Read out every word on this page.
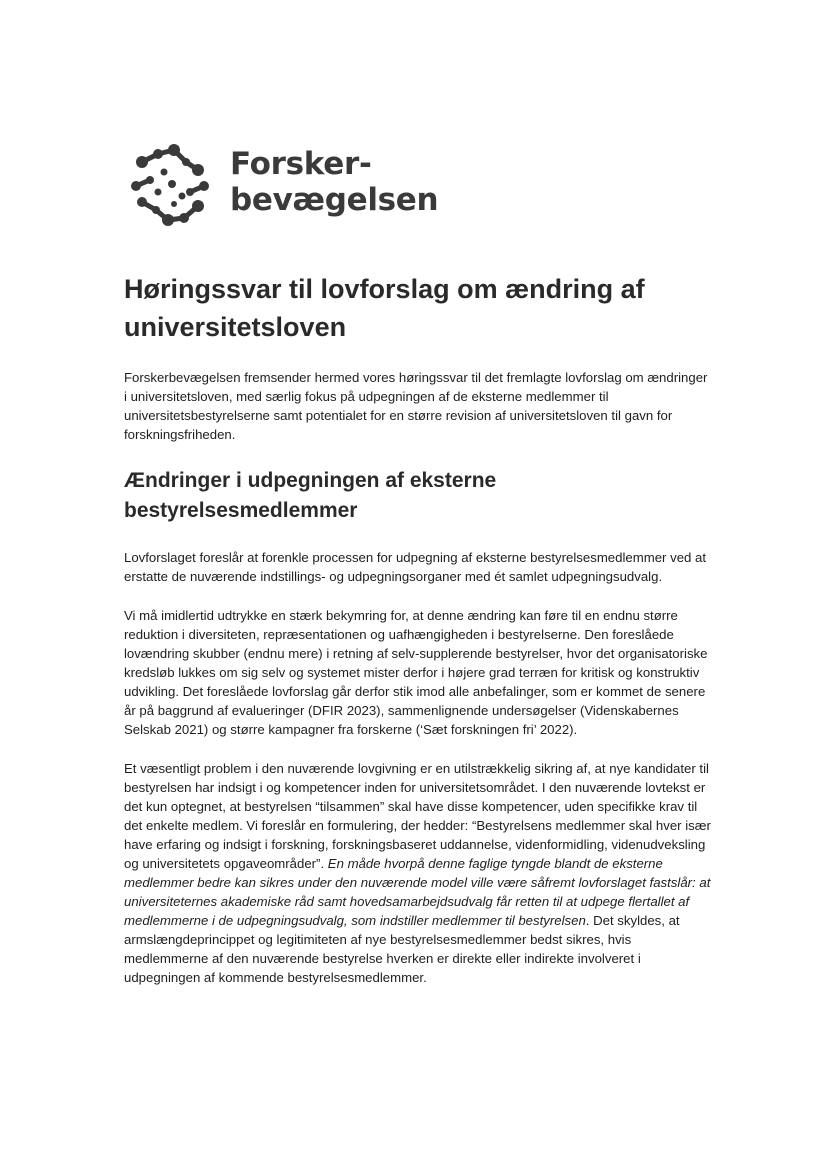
Forsker-
bevægelsen
Høringssvar til lovforslag om ændring af universitetsloven

Forskerbevægelsen fremsender hermed vores høringssvar til det fremlagte lovforslag om ændringer i universitetsloven, med særlig fokus på udpegningen af de eksterne medlemmer til universitetsbestyrelserne samt potentialet for en større revision af universitetsloven til gavn for forskningsfriheden.

Ændringer i udpegningen af eksterne bestyrelsesmedlemmer

Lovforslaget foreslår at forenkle processen for udpegning af eksterne bestyrelsesmedlemmer ved at erstatte de nuværende indstillings- og udpegningsorganer med ét samlet udpegningsudvalg.

Vi må imidlertid udtrykke en stærk bekymring for, at denne ændring kan føre til en endnu større reduktion i diversiteten, repræsentationen og uafhængigheden i bestyrelserne. Den foreslåede lovændring skubber (endnu mere) i retning af selv-supplerende bestyrelser, hvor det organisatoriske kredsløb lukkes om sig selv og systemet mister derfor i højere grad terræn for kritisk og konstruktiv udvikling. Det foreslåede lovforslag går derfor stik imod alle anbefalinger, som er kommet de senere år på baggrund af evalueringer (DFIR 2023), sammenlignende undersøgelser (Videnskabernes Selskab 2021) og større kampagner fra forskerne (‘Sæt forskningen fri’ 2022).

Et væsentligt problem i den nuværende lovgivning er en utilstrækkelig sikring af, at nye kandidater til bestyrelsen har indsigt i og kompetencer inden for universitetsområdet. I den nuværende lovtekst er det kun optegnet, at bestyrelsen “tilsammen” skal have disse kompetencer, uden specifikke krav til det enkelte medlem. Vi foreslår en formulering, der hedder: “Bestyrelsens medlemmer skal hver især have erfaring og indsigt i forskning, forskningsbaseret uddannelse, videnformidling, videnudveksling og universitetets opgaveområder”. En måde hvorpå denne faglige tyngde blandt de eksterne medlemmer bedre kan sikres under den nuværende model ville være såfremt lovforslaget fastslår: at universiteternes akademiske råd samt hovedsamarbejdsudvalg får retten til at udpege flertallet af medlemmerne i de udpegningsudvalg, som indstiller medlemmer til bestyrelsen. Det skyldes, at armslængdeprincippet og legitimiteten af nye bestyrelsesmedlemmer bedst sikres, hvis medlemmerne af den nuværende bestyrelse hverken er direkte eller indirekte involveret i udpegningen af kommende bestyrelsesmedlemmer.
